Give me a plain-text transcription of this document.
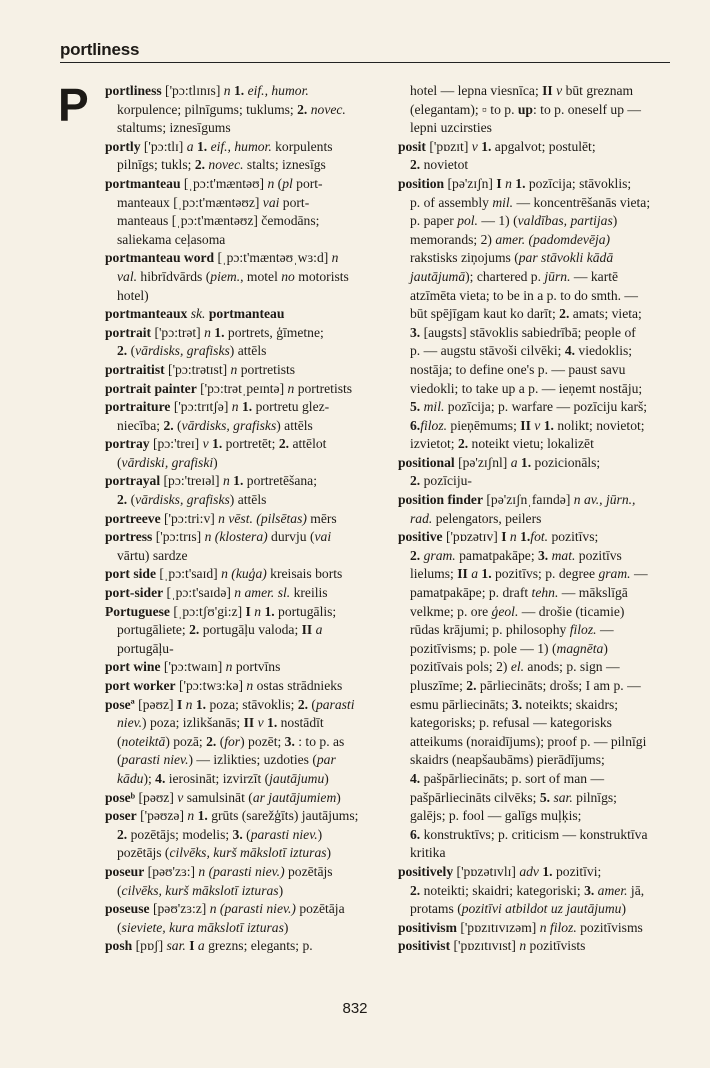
portliness
P portliness ['pɔ:tlɪnɪs] n 1. eif., humor.
korpulence; pilnīgums; tuklums; 2. novec.
staltums; iznesīgums
portly ['pɔ:tlɪ] a 1. eif., humor. korpulents
pilnīgs; tukls; 2. novec. stalts; iznesīgs
portmanteau [ˌpɔ:t'mæntəʊ] n (pl port-
manteaux [ˌpɔ:t'mæntəʊz] vai port-
manteaus [ˌpɔ:t'mæntəʊz] čemodāns;
saliekama ceļasoma
portmanteau word [ˌpɔ:t'mæntəʊˌwɜ:d] n
val. hibrīdvārds (piem., motel no motorists
hotel)
portmanteaux sk. portmanteau
portrait ['pɔ:trət] n 1. portrets, ģīmetne;
2. (vārdisks, grafisks) attēls
portraitist ['pɔ:trətɪst] n portretists
portrait painter ['pɔ:trətˌpeɪntə] n portretists
portraiture ['pɔ:trɪtʃə] n 1. portretu glez-
niecība; 2. (vārdisks, grafisks) attēls
portray [pɔ:'treɪ] v 1. portretēt; 2. attēlot
(vārdiski, grafiski)
portrayal [pɔ:'treɪəl] n 1. portretēšana;
2. (vārdisks, grafisks) attēls
portreeve ['pɔ:tri:v] n vēst. (pilsētas) mērs
portress ['pɔ:trɪs] n (klostera) durvju (vai
vārtu) sardze
port side [ˌpɔ:t'saɪd] n (kuģa) kreisais borts
port-sider [ˌpɔ:t'saɪdə] n amer. sl. kreilis
Portuguese [ˌpɔ:tʃʊ'gi:z] I n 1. portugālis;
portugāliete; 2. portugāļu valoda; II a
portugāļu-
port wine ['pɔ:twaɪn] n portvīns
port worker ['pɔ:twɜ:kə] n ostas strādnieks
poseª [pəʊz] I n 1. poza; stāvoklis; 2. (parasti
niev.) poza; izlikšanās; II v 1. nostādīt
(noteiktā) pozā; 2. (for) pozēt; 3. : to p. as
(parasti niev.) — izlikties; uzdoties (par
kādu); 4. ierosināt; izvirzīt (jautājumu)
poseᵇ [pəʊz] v samulsināt (ar jautājumiem)
poser ['pəʊzə] n 1. grūts (sarežģīts) jautājums;
2. pozētājs; modelis; 3. (parasti niev.)
pozētājs (cilvēks, kurš mākslotī izturas)
poseur [pəʊ'zɜ:] n (parasti niev.) pozētājs
(cilvēks, kurš mākslotī izturas)
poseuse [pəʊ'zɜ:z] n (parasti niev.) pozētāja
(sieviete, kura mākslotī izturas)
posh [pɒʃ] sar. I a grezns; elegants; p.
hotel — lepna viesnīca; II v būt greznam
(elegantam); ▫ to p. up: to p. oneself up —
lepni uzcirsties
posit ['pɒzɪt] v 1. apgalvot; postulēt;
2. novietot
position [pə'zɪʃn] I n 1. pozīcija; stāvoklis;
p. of assembly mil. — koncentrēšanās vieta;
p. paper pol. — 1) (valdības, partijas)
memorands; 2) amer. (padomdevēja)
rakstisks ziņojums (par stāvokli kādā
jautājumā); chartered p. jūrn. — kartē
atzīmēta vieta; to be in a p. to do smth. —
būt spējīgam kaut ko darīt; 2. amats; vieta;
3. [augsts] stāvoklis sabiedrībā; people of
p. — augstu stāvoši cilvēki; 4. viedoklis;
nostāja; to define one's p. — paust savu
viedokli; to take up a p. — ieņemt nostāju;
5. mil. pozīcija; p. warfare — pozīciju karš;
6.filoz. pieņēmums; II v 1. nolikt; novietot;
izvietot; 2. noteikt vietu; lokalizēt
positional [pə'zɪʃnl] a 1. pozicionāls;
2. pozīciju-
position finder [pə'zɪʃnˌfaɪndə] n av., jūrn.,
rad. pelengators, peilers
positive ['pɒzətɪv] I n 1.fot. pozitīvs;
2. gram. pamatpakāpe; 3. mat. pozitīvs
lielums; II a 1. pozitīvs; p. degree gram. —
pamatpakāpe; p. draft tehn. — mākslīgā
velkme; p. ore ģeol. — drošie (ticamie)
rūdas krājumi; p. philosophy filoz. —
pozitīvisms; p. pole — 1) (magnēta)
pozitīvais pols; 2) el. anods; p. sign —
pluszīme; 2. pārliecināts; drošs; I am p. —
esmu pārliecināts; 3. noteikts; skaidrs;
kategorisks; p. refusal — kategorisks
atteikums (noraidījums); proof p. — pilnīgi
skaidrs (neapšaubāms) pierādījums;
4. pašpārliecināts; p. sort of man —
pašpārliecināts cilvēks; 5. sar. pilnīgs;
galējs; p. fool — galīgs muļķis;
6. konstruktīvs; p. criticism — konstruktīva
kritika
positively ['pɒzətɪvlɪ] adv 1. pozitīvi;
2. noteikti; skaidri; kategoriski; 3. amer. jā,
protams (pozitīvi atbildot uz jautājumu)
positivism ['pɒzɪtɪvɪzəm] n filoz. pozitīvisms
positivist ['pɒzɪtɪvɪst] n pozitīvists
832
